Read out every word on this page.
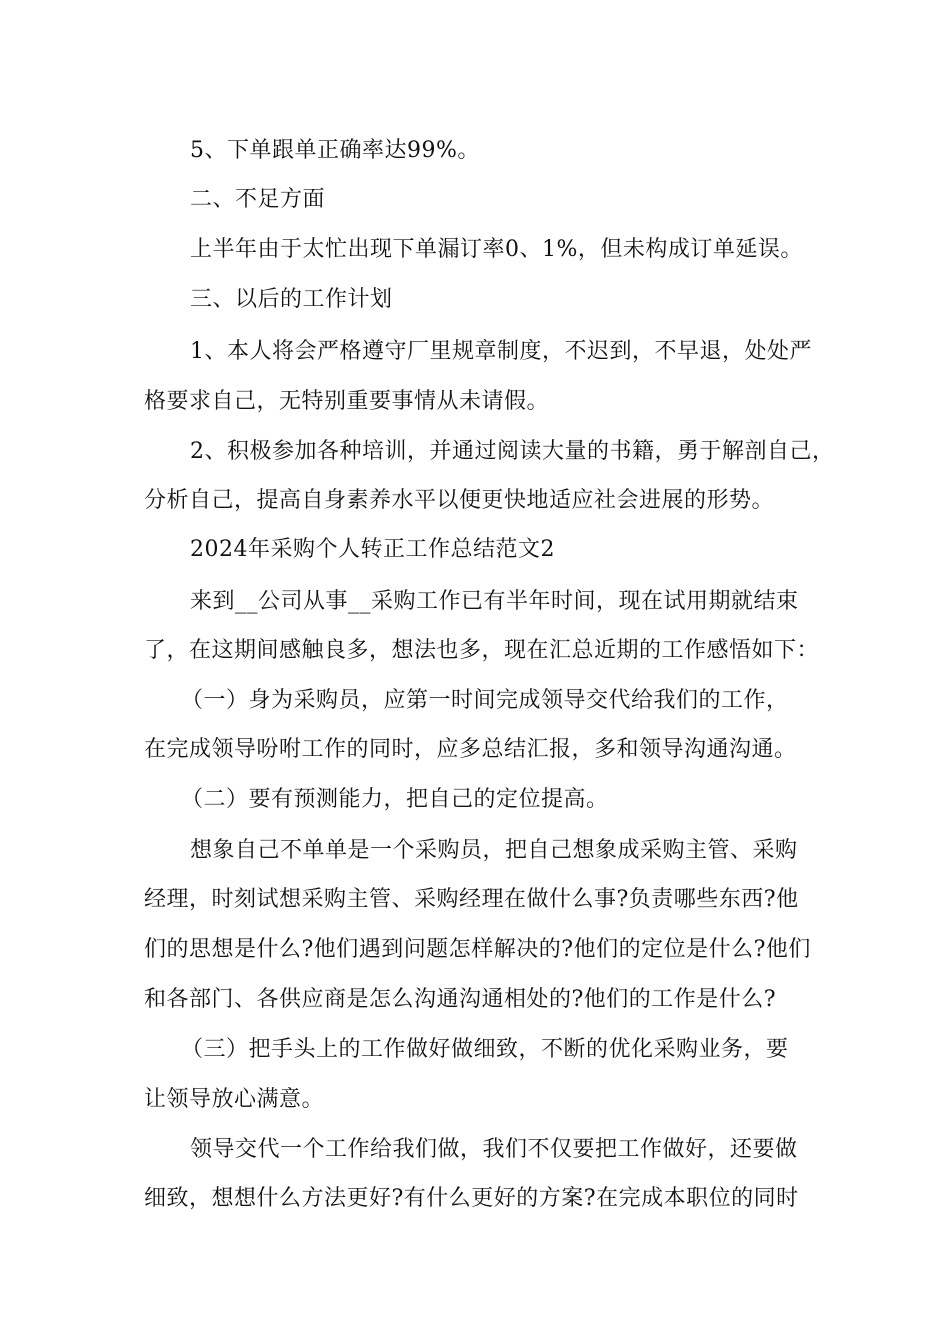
5、下单跟单正确率达99%。
二、不足方面
上半年由于太忙出现下单漏订率0、1%，但未构成订单延误。
三、以后的工作计划
1、本人将会严格遵守厂里规章制度，不迟到，不早退，处处严
格要求自己，无特别重要事情从未请假。
2、积极参加各种培训，并通过阅读大量的书籍，勇于解剖自己，
分析自己，提高自身素养水平以便更快地适应社会进展的形势。
2024年采购个人转正工作总结范文2
来到__公司从事__采购工作已有半年时间，现在试用期就结束
了，在这期间感触良多，想法也多，现在汇总近期的工作感悟如下：
（一）身为采购员，应第一时间完成领导交代给我们的工作，
在完成领导吩咐工作的同时，应多总结汇报，多和领导沟通沟通。
（二）要有预测能力，把自己的定位提高。
想象自己不单单是一个采购员，把自己想象成采购主管、采购
经理，时刻试想采购主管、采购经理在做什么事?负责哪些东西?他
们的思想是什么?他们遇到问题怎样解决的?他们的定位是什么?他们
和各部门、各供应商是怎么沟通沟通相处的?他们的工作是什么?
（三）把手头上的工作做好做细致，不断的优化采购业务，要
让领导放心满意。
领导交代一个工作给我们做，我们不仅要把工作做好，还要做
细致，想想什么方法更好?有什么更好的方案?在完成本职位的同时
